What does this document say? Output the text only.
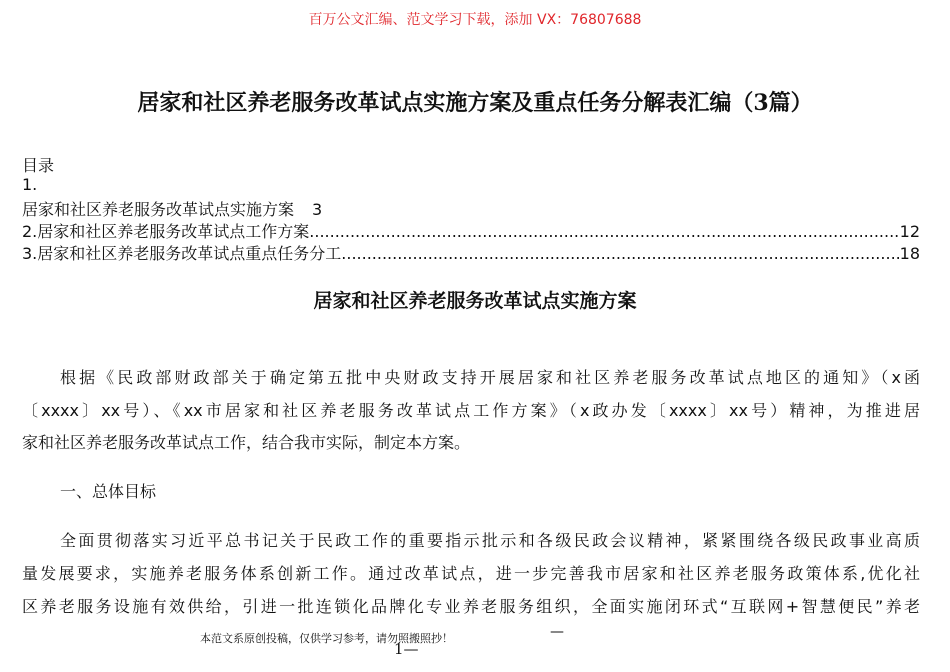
百万公文汇编、范文学习下载，添加 VX：76807688
居家和社区养老服务改革试点实施方案及重点任务分解表汇编（3篇）
目录
1.
居家和社区养老服务改革试点实施方案 3
2.居家和社区养老服务改革试点工作方案 .....	12
3.居家和社区养老服务改革试点重点任务分工 .....	18
居家和社区养老服务改革试点实施方案
根据《民政部财政部关于确定第五批中央财政支持开展居家和社区养老服务改革试点地区的通知》（x函
〔xxxx〕xx号）、《xx市居家和社区养老服务改革试点工作方案》（x政办发〔xxxx〕xx号）精神，为推进居
家和社区养老服务改革试点工作，结合我市实际，制定本方案。
一、总体目标
全面贯彻落实习近平总书记关于民政工作的重要指示批示和各级民政会议精神，紧紧围绕各级民政事业高质
量发展要求，实施养老服务体系创新工作。通过改革试点，进一步完善我市居家和社区养老服务政策体系,优化社
区养老服务设施有效供给，引进一批连锁化品牌化专业养老服务组织，全面实施闭环式“互联网+智慧便民”养老
本范文系原创投稿，仅供学习参考，请勿照搬照抄！	—
1—
